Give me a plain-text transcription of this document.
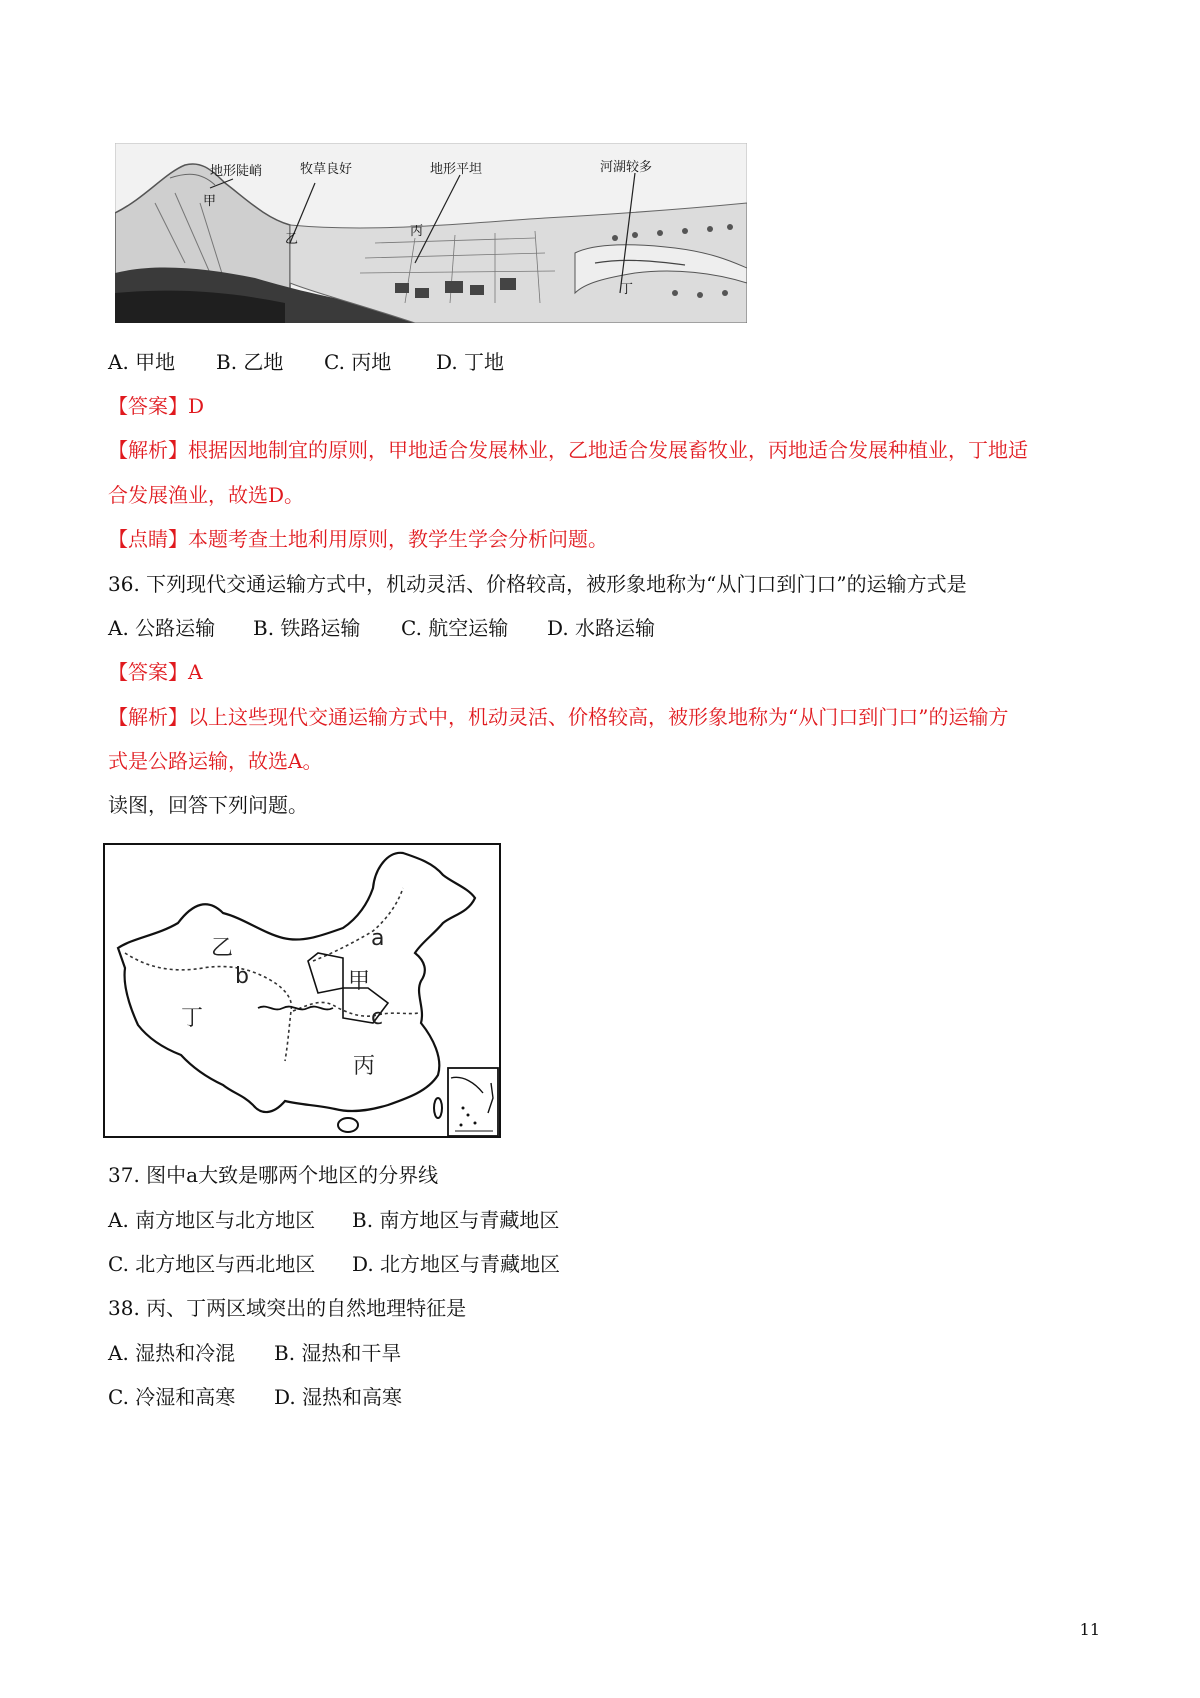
地形陡峭	牧草良好	地形平坦	河湖较多
甲
乙
丙
丁
A. 甲地 B. 乙地 C. 丙地 D. 丁地
【答案】D
【解析】根据因地制宜的原则，甲地适合发展林业，乙地适合发展畜牧业，丙地适合发展种植业，丁地适
合发展渔业，故选D。
【点睛】本题考查土地利用原则，教学生学会分析问题。
36. 下列现代交通运输方式中，机动灵活、价格较高，被形象地称为“从门口到门口”的运输方式是
A. 公路运输 B. 铁路运输 C. 航空运输 D. 水路运输
【答案】A
【解析】以上这些现代交通运输方式中，机动灵活、价格较高，被形象地称为“从门口到门口”的运输方
式是公路运输，故选A。
读图，回答下列问题。
a
b
c
甲
乙
丙
丁
37. 图中a大致是哪两个地区的分界线
A. 南方地区与北方地区 B. 南方地区与青藏地区
C. 北方地区与西北地区 D. 北方地区与青藏地区
38. 丙、丁两区域突出的自然地理特征是
A. 湿热和冷混 B. 湿热和干旱
C. 冷湿和高寒 D. 湿热和高寒
11
